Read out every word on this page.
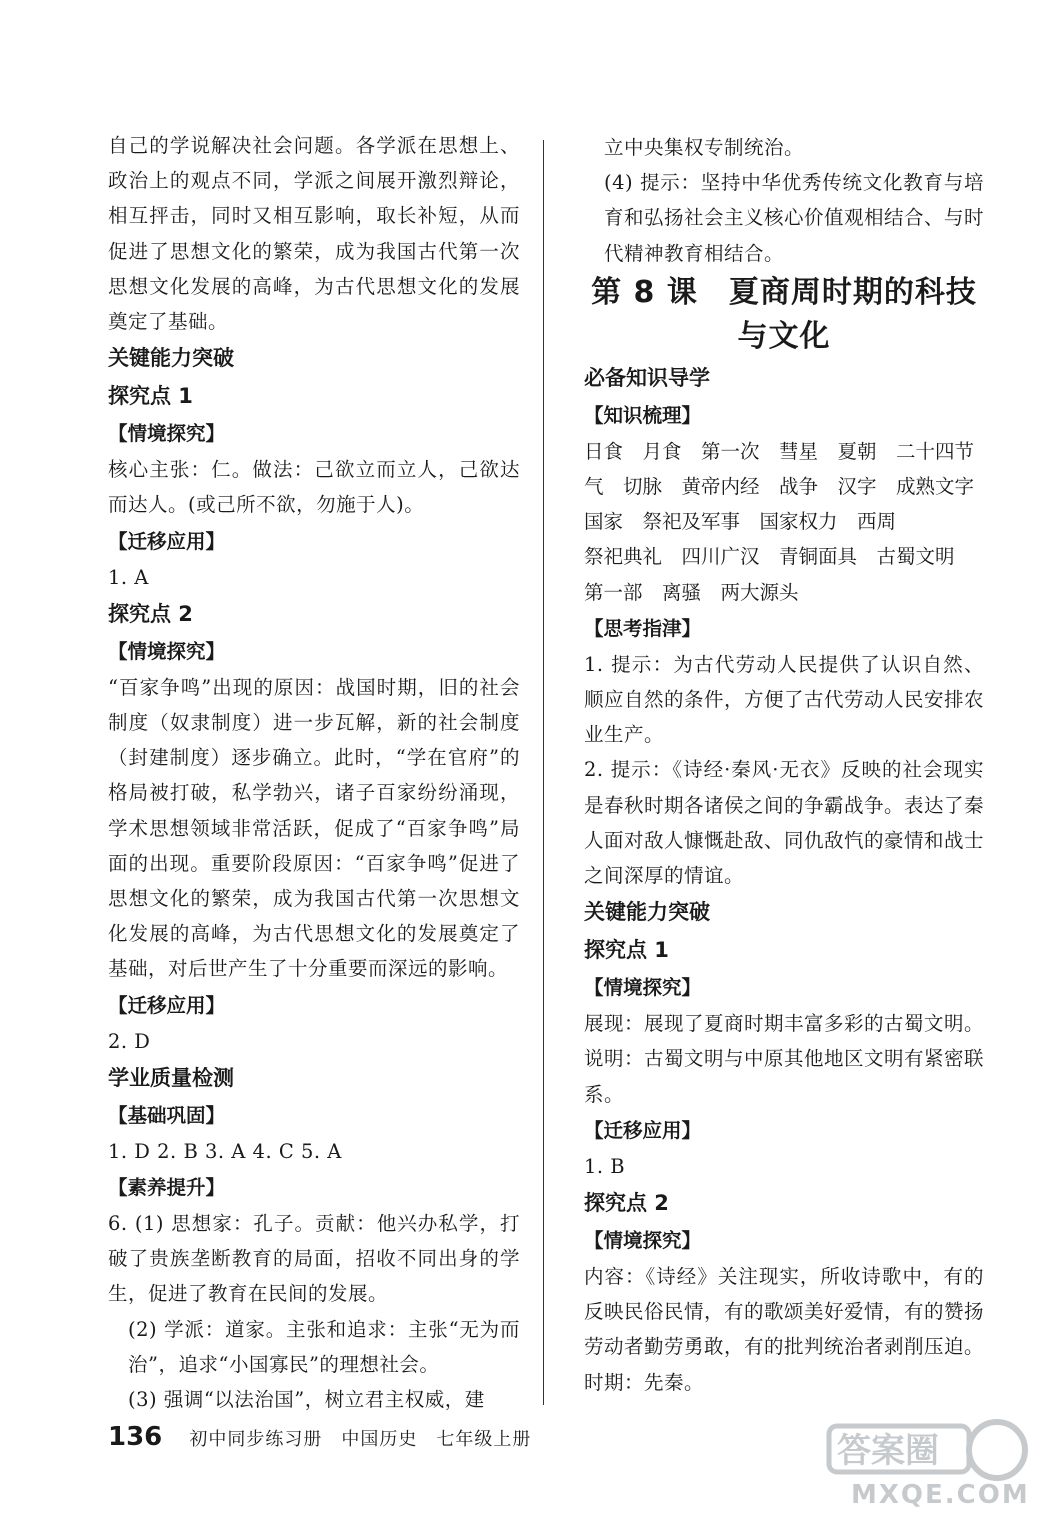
自己的学说解决社会问题。各学派在思想上、政治上的观点不同，学派之间展开激烈辩论，相互抨击，同时又相互影响，取长补短，从而促进了思想文化的繁荣，成为我国古代第一次思想文化发展的高峰，为古代思想文化的发展奠定了基础。

关键能力突破

探究点 1

【情境探究】

核心主张：仁。做法：己欲立而立人，己欲达而达人。(或己所不欲，勿施于人)。

【迁移应用】

1. A

探究点 2

【情境探究】

“百家争鸣”出现的原因：战国时期，旧的社会制度（奴隶制度）进一步瓦解，新的社会制度（封建制度）逐步确立。此时，“学在官府”的格局被打破，私学勃兴，诸子百家纷纷涌现，学术思想领域非常活跃，促成了“百家争鸣”局面的出现。重要阶段原因：“百家争鸣”促进了思想文化的繁荣，成为我国古代第一次思想文化发展的高峰，为古代思想文化的发展奠定了基础，对后世产生了十分重要而深远的影响。

【迁移应用】

2. D

学业质量检测

【基础巩固】

1. D 2. B 3. A 4. C 5. A

【素养提升】

6. (1) 思想家：孔子。贡献：他兴办私学，打破了贵族垄断教育的局面，招收不同出身的学生，促进了教育在民间的发展。

(2) 学派：道家。主张和追求：主张“无为而治”，追求“小国寡民”的理想社会。

(3) 强调“以法治国”，树立君主权威，建

立中央集权专制统治。

(4) 提示：坚持中华优秀传统文化教育与培育和弘扬社会主义核心价值观相结合、与时代精神教育相结合。

第 8 课　夏商周时期的科技与文化

必备知识导学

【知识梳理】

日食　月食　第一次　彗星　夏朝　二十四节

气　切脉　黄帝内经　战争　汉字　成熟文字

国家　祭祀及军事　国家权力　西周

祭祀典礼　四川广汉　青铜面具　古蜀文明

第一部　离骚　两大源头

【思考指津】

1. 提示：为古代劳动人民提供了认识自然、顺应自然的条件，方便了古代劳动人民安排农业生产。

2. 提示：《诗经·秦风·无衣》反映的社会现实是春秋时期各诸侯之间的争霸战争。表达了秦人面对敌人慷慨赴敌、同仇敌忾的豪情和战士之间深厚的情谊。

关键能力突破

探究点 1

【情境探究】

展现：展现了夏商时期丰富多彩的古蜀文明。

说明：古蜀文明与中原其他地区文明有紧密联系。

【迁移应用】

1. B

探究点 2

【情境探究】

内容：《诗经》关注现实，所收诗歌中，有的反映民俗民情，有的歌颂美好爱情，有的赞扬劳动者勤劳勇敢，有的批判统治者剥削压迫。

时期：先秦。

136 初中同步练习册　中国历史　七年级上册	答案圈
MXQE.COM
